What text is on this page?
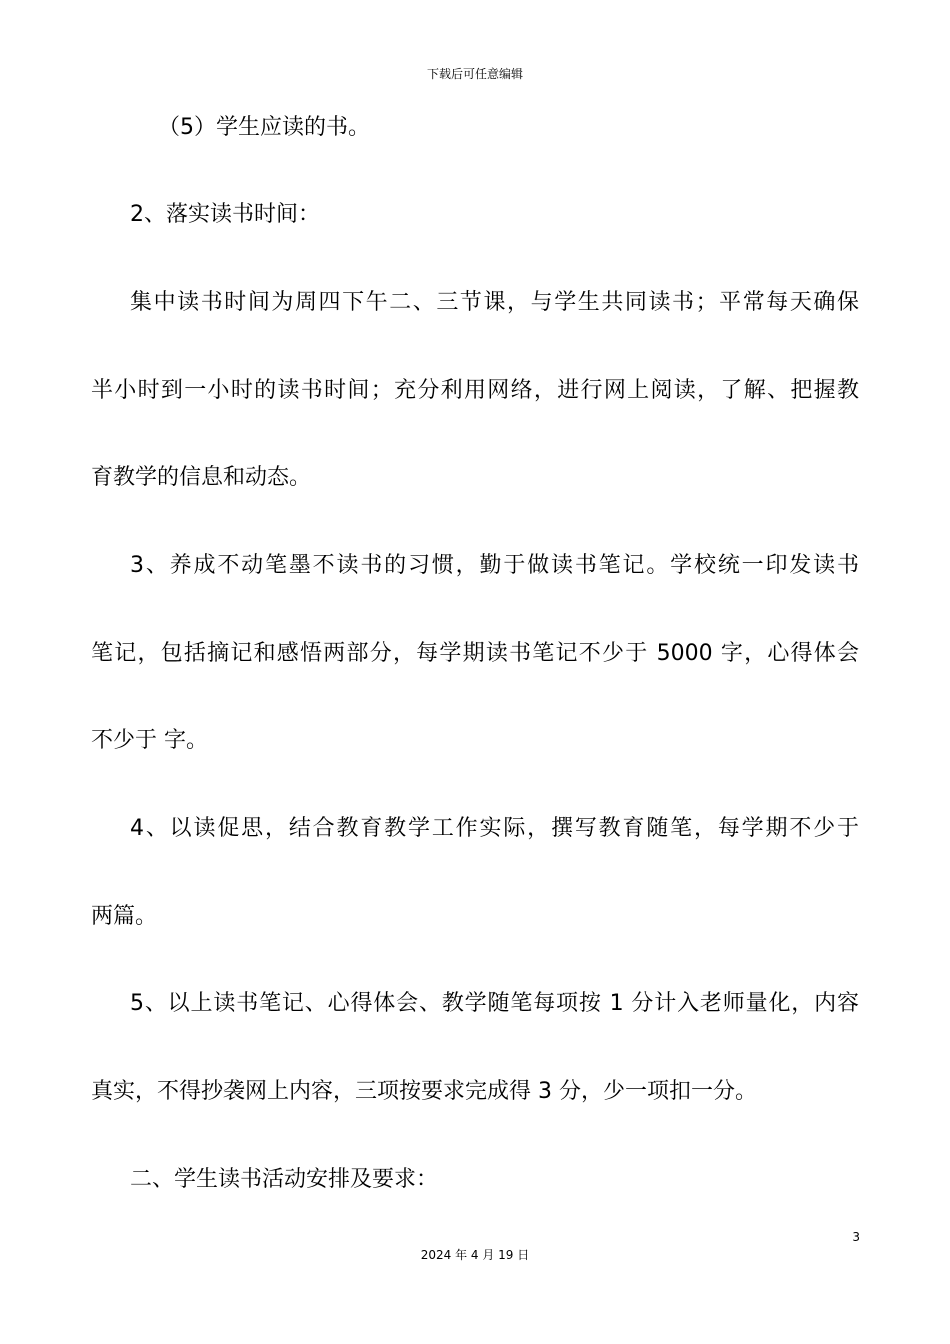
下载后可任意编辑
（5）学生应读的书。
2、落实读书时间：
集中读书时间为周四下午二、三节课，与学生共同读书；平常每天确保
半小时到一小时的读书时间；充分利用网络，进行网上阅读，了解、把握教
育教学的信息和动态。
3、养成不动笔墨不读书的习惯，勤于做读书笔记。学校统一印发读书
笔记，包括摘记和感悟两部分，每学期读书笔记不少于 5000 字，心得体会
不少于 字。
4、以读促思，结合教育教学工作实际，撰写教育随笔，每学期不少于
两篇。
5、以上读书笔记、心得体会、教学随笔每项按 1 分计入老师量化，内容
真实，不得抄袭网上内容，三项按要求完成得 3 分，少一项扣一分。
二、学生读书活动安排及要求：
3
2024 年 4 月 19 日
